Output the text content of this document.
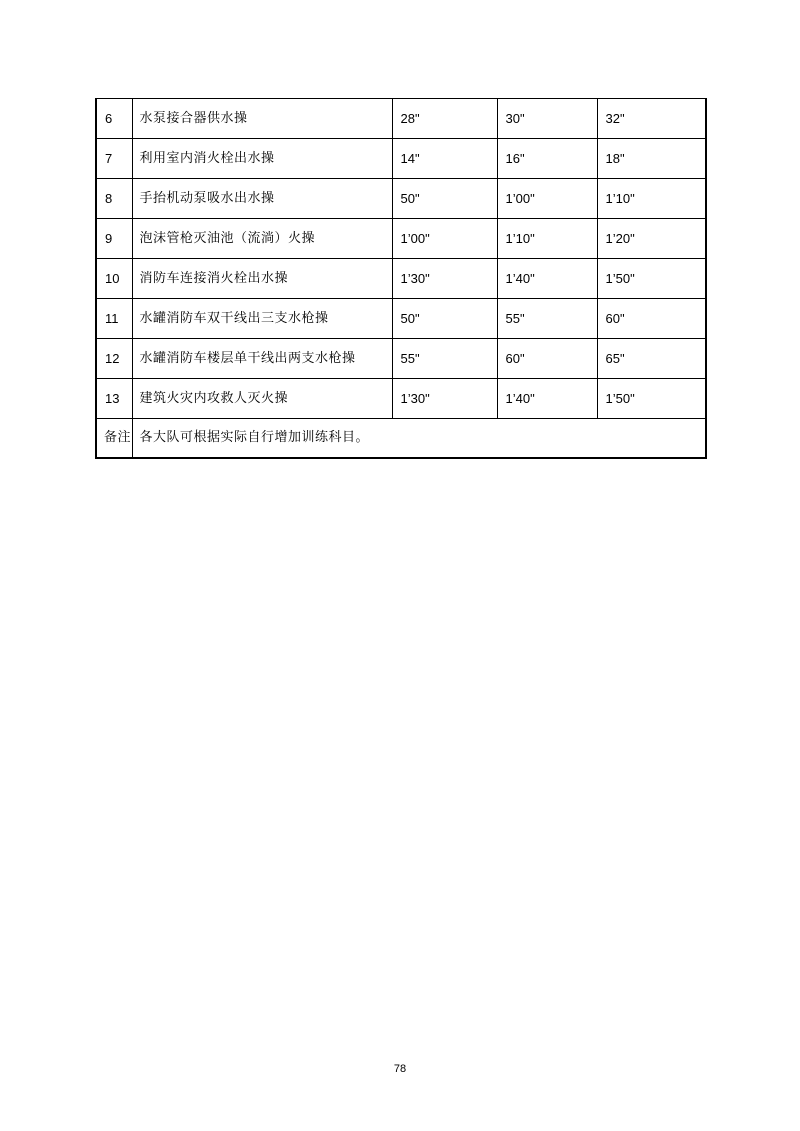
6	水泵接合器供水操	28"	30"	32"
7	利用室内消火栓出水操	14"	16"	18"
8	手抬机动泵吸水出水操	50"	1’00"	1’10"
9	泡沫管枪灭油池（流淌）火操	1’00"	1’10"	1’20"
10	消防车连接消火栓出水操	1’30"	1’40"	1’50"
11	水罐消防车双干线出三支水枪操	50"	55"	60"
12	水罐消防车楼层单干线出两支水枪操	55"	60"	65"
13	建筑火灾内攻救人灭火操	1’30"	1’40"	1’50"
备注	各大队可根据实际自行增加训练科目。			
78
